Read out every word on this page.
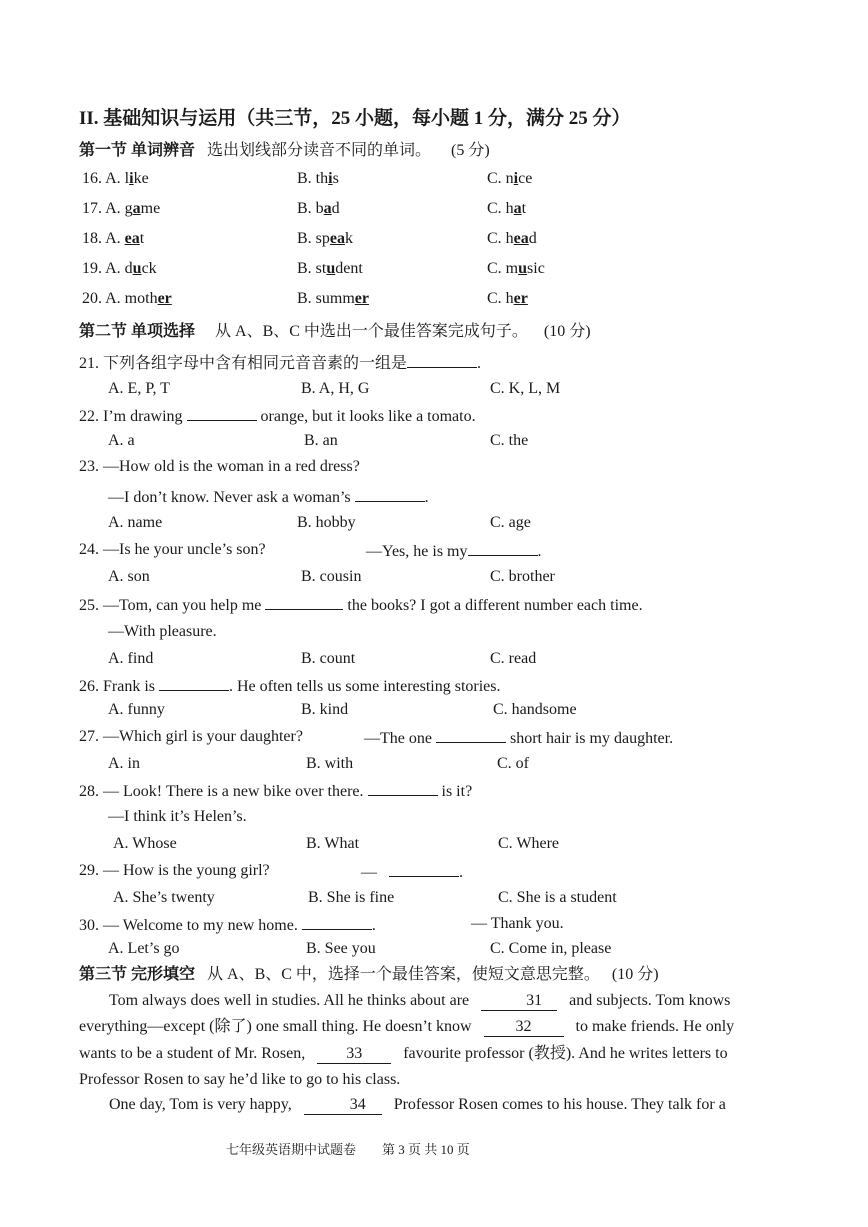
II. 基础知识与运用（共三节，25 小题，每小题 1 分，满分 25 分）
第一节 单词辨音 选出划线部分读音不同的单词。 (5 分)
16. A. like	B. this	C. nice
17. A. game	B. bad	C. hat
18. A. eat	B. speak	C. head
19. A. duck	B. student	C. music
20. A. mother	B. summer	C. her
第二节 单项选择 从 A、B、C 中选出一个最佳答案完成句子。 (10 分)
21. 下列各组字母中含有相同元音音素的一组是	.
A. E, P, T	B. A, H, G	C. K, L, M
22. I’m drawing	orange, but it looks like a tomato.
A. a	B. an	C. the
23. —How old is the woman in a red dress?
—I don’t know. Never ask a woman’s	.
A. name	B. hobby	C. age
24. —Is he your uncle’s son?	—Yes, he is my	.
A. son	B. cousin	C. brother
25. —Tom, can you help me	the books? I got a different number each time.
—With pleasure.
A. find	B. count	C. read
26. Frank is	. He often tells us some interesting stories.
A. funny	B. kind	C. handsome
27. —Which girl is your daughter?	—The one	short hair is my daughter.
A. in	B. with	C. of
28. — Look! There is a new bike over there.	is it?
—I think it’s Helen’s.
A. Whose	B. What	C. Where
29. — How is the young girl?	—	.
A. She’s twenty	B. She is fine	C. She is a student
30. — Welcome to my new home.	.	— Thank you.
A. Let’s go	B. See you	C. Come in, please
第三节 完形填空 从 A、B、C 中，选择一个最佳答案，使短文意思完整。 (10 分)
Tom always does well in studies. All he thinks about are	31 and subjects. Tom knows
everything—except (除了) one small thing. He doesn’t know	32	to make friends. He only
wants to be a student of Mr. Rosen,	33	favourite professor (教授). And he writes letters to
Professor Rosen to say he’d like to go to his class.
One day, Tom is very happy,	34 Professor Rosen comes to his house. They talk for a
七年级英语期中试题卷　　第 3 页 共 10 页
